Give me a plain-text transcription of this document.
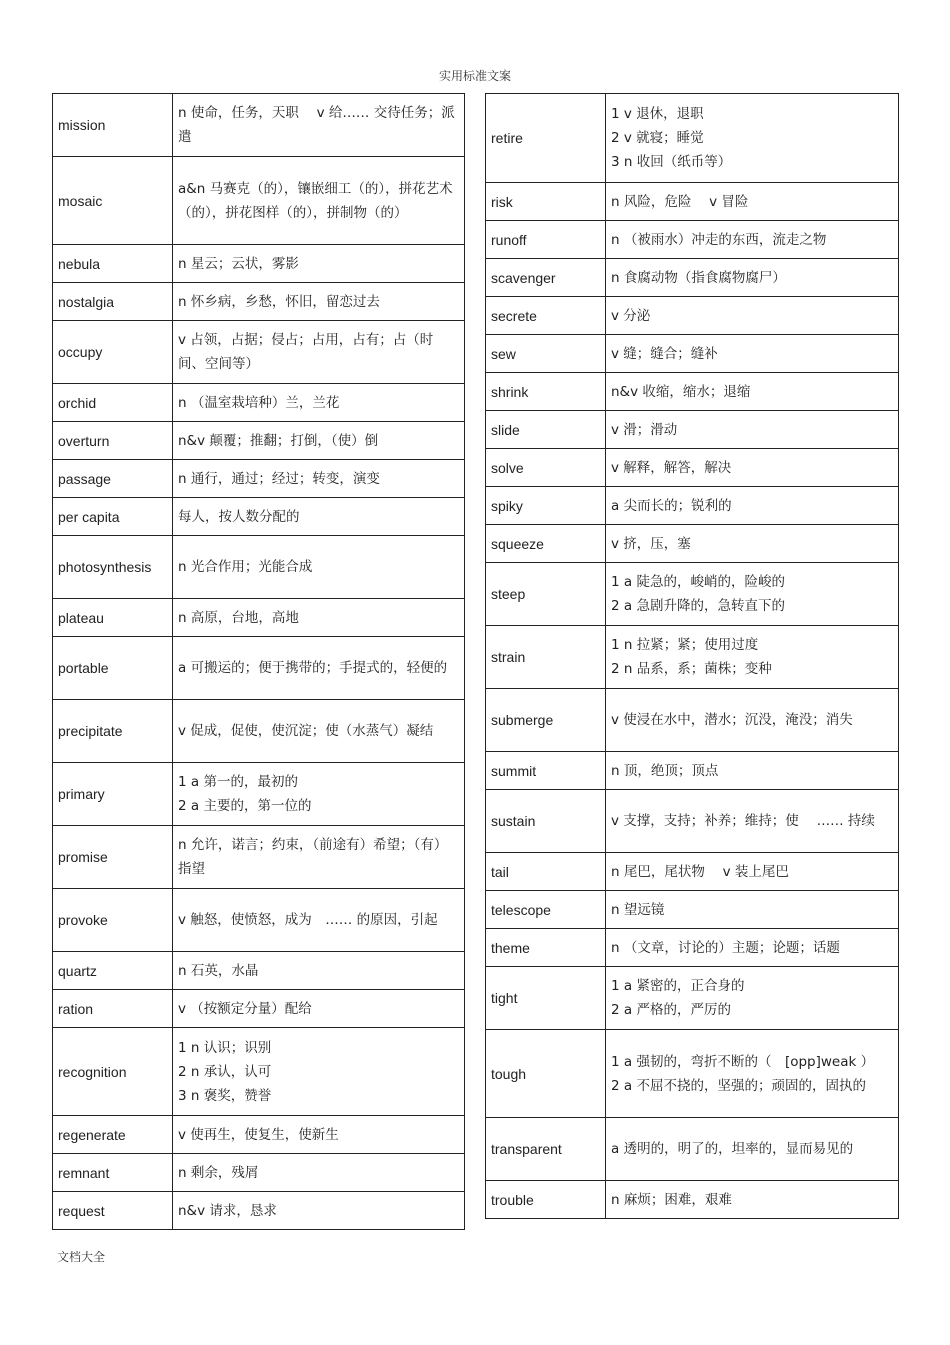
实用标准文案
mission	n 使命，任务，天职　 v 给…… 交待任务；派遣

mosaic	a&n 马赛克（的），镶嵌细工（的），拼花艺术（的），拼花图样（的），拼制物（的）

nebula	n 星云；云状，雾影

nostalgia	n 怀乡病，乡愁，怀旧，留恋过去

occupy	v 占领，占据；侵占；占用，占有；占（时间、空间等）

orchid	n （温室栽培种）兰，兰花

overturn	n&v 颠覆；推翻；打倒，（使）倒

passage	n 通行，通过；经过；转变，演变

per capita	每人，按人数分配的

photosynthesis	n 光合作用；光能合成

plateau	n 高原，台地，高地

portable	a 可搬运的；便于携带的；手提式的，轻便的

precipitate	v 促成，促使，使沉淀；使（水蒸气）凝结

primary	1 a 第一的，最初的
2 a 主要的，第一位的

promise	n 允许，诺言；约束，（前途有）希望；（有）指望

provoke	v 触怒，使愤怒，成为　…… 的原因，引起

quartz	n 石英，水晶

ration	v （按额定分量）配给

recognition	1 n 认识；识别
2 n 承认，认可
3 n 褒奖，赞誉

regenerate	v 使再生，使复生，使新生

remnant	n 剩余，残屑

request	n&v 请求，恳求
retire	1 v 退休，退职
2 v 就寝；睡觉
3 n 收回（纸币等）

risk	n 风险，危险　 v 冒险

runoff	n （被雨水）冲走的东西，流走之物

scavenger	n 食腐动物（指食腐物腐尸）

secrete	v 分泌

sew	v 缝；缝合；缝补

shrink	n&v 收缩，缩水；退缩

slide	v 滑；滑动

solve	v 解释，解答，解决

spiky	a 尖而长的；锐利的

squeeze	v 挤，压，塞

steep	1 a 陡急的，峻峭的，险峻的
2 a 急剧升降的，急转直下的

strain	1 n 拉紧；紧；使用过度
2 n 品系，系；菌株；变种

submerge	v 使浸在水中，潜水；沉没，淹没；消失

summit	n 顶，绝顶；顶点

sustain	v 支撑，支持；补养；维持；使　 …… 持续

tail	n 尾巴，尾状物　 v 装上尾巴

telescope	n 望远镜

theme	n （文章，讨论的）主题；论题；话题

tight	1 a 紧密的，正合身的
2 a 严格的，严厉的

tough	1 a 强韧的，弯折不断的（　[opp]weak ）
2 a 不屈不挠的，坚强的；顽固的，固执的

transparent	a 透明的，明了的，坦率的，显而易见的

trouble	n 麻烦；困难，艰难
文档大全
